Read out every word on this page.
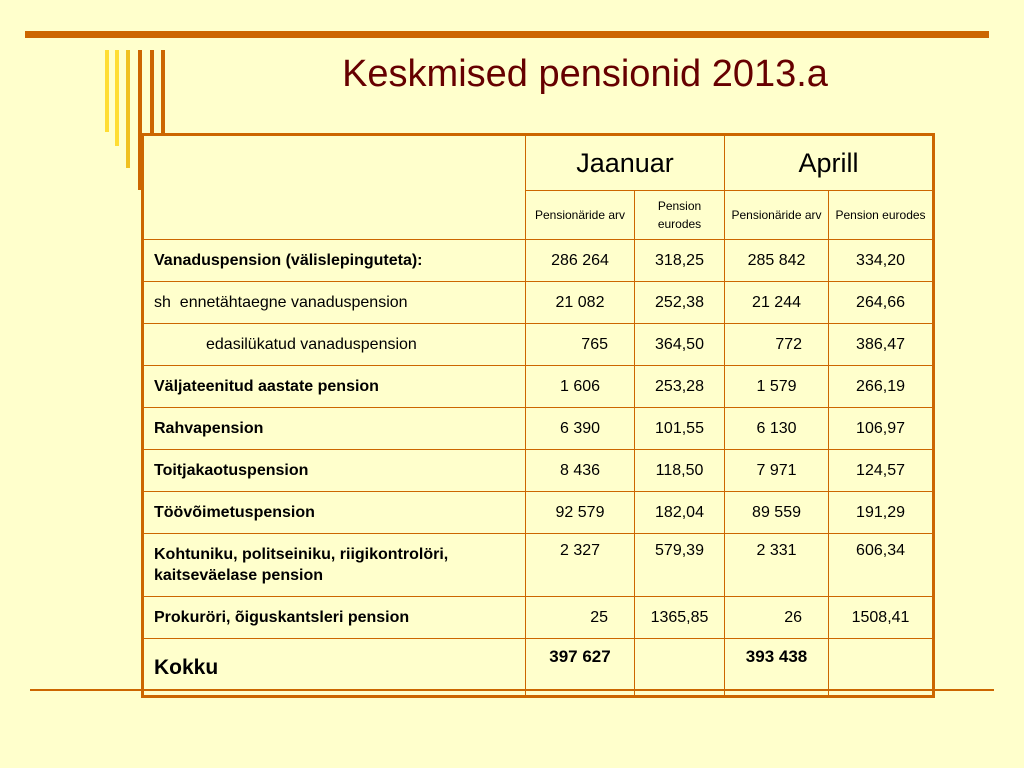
Keskmised pensionid 2013.a
	Jaanuar		Aprill	
	Pensionäride arv	Pension eurodes	Pensionäride arv	Pension eurodes
Vanaduspension (välislepinguteta):	286 264	318,25	285 842	334,20
sh  ennetähtaegne vanaduspension	21 082	252,38	21 244	264,66
edasilükatud vanaduspension	765	364,50	772	386,47
Väljateenitud aastate pension	1 606	253,28	1 579	266,19
Rahvapension	6 390	101,55	6 130	106,97
Toitjakaotuspension	8 436	118,50	7 971	124,57
Töövõimetuspension	92 579	182,04	89 559	191,29
Kohtuniku, politseiniku, riigikontrolöri, kaitseväelase pension	2 327	579,39	2 331	606,34
Prokuröri, õiguskantsleri pension	25	1365,85	26	1508,41
Kokku	397 627		393 438	
